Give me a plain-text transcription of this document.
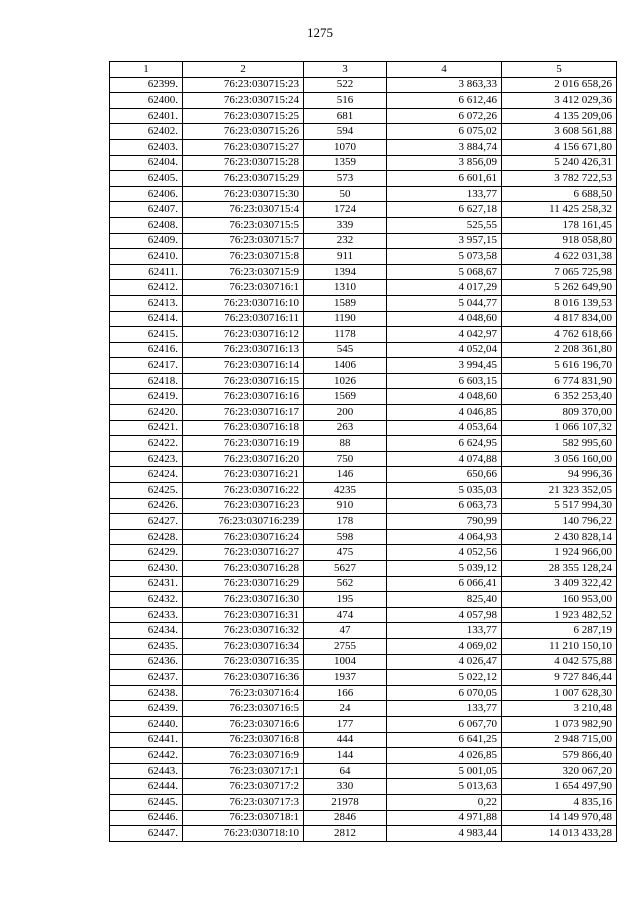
1275
1	2	3	4	5
62399.	76:23:030715:23	522	3 863,33	2 016 658,26
62400.	76:23:030715:24	516	6 612,46	3 412 029,36
62401.	76:23:030715:25	681	6 072,26	4 135 209,06
62402.	76:23:030715:26	594	6 075,02	3 608 561,88
62403.	76:23:030715:27	1070	3 884,74	4 156 671,80
62404.	76:23:030715:28	1359	3 856,09	5 240 426,31
62405.	76:23:030715:29	573	6 601,61	3 782 722,53
62406.	76:23:030715:30	50	133,77	6 688,50
62407.	76:23:030715:4	1724	6 627,18	11 425 258,32
62408.	76:23:030715:5	339	525,55	178 161,45
62409.	76:23:030715:7	232	3 957,15	918 058,80
62410.	76:23:030715:8	911	5 073,58	4 622 031,38
62411.	76:23:030715:9	1394	5 068,67	7 065 725,98
62412.	76:23:030716:1	1310	4 017,29	5 262 649,90
62413.	76:23:030716:10	1589	5 044,77	8 016 139,53
62414.	76:23:030716:11	1190	4 048,60	4 817 834,00
62415.	76:23:030716:12	1178	4 042,97	4 762 618,66
62416.	76:23:030716:13	545	4 052,04	2 208 361,80
62417.	76:23:030716:14	1406	3 994,45	5 616 196,70
62418.	76:23:030716:15	1026	6 603,15	6 774 831,90
62419.	76:23:030716:16	1569	4 048,60	6 352 253,40
62420.	76:23:030716:17	200	4 046,85	809 370,00
62421.	76:23:030716:18	263	4 053,64	1 066 107,32
62422.	76:23:030716:19	88	6 624,95	582 995,60
62423.	76:23:030716:20	750	4 074,88	3 056 160,00
62424.	76:23:030716:21	146	650,66	94 996,36
62425.	76:23:030716:22	4235	5 035,03	21 323 352,05
62426.	76:23:030716:23	910	6 063,73	5 517 994,30
62427.	76:23:030716:239	178	790,99	140 796,22
62428.	76:23:030716:24	598	4 064,93	2 430 828,14
62429.	76:23:030716:27	475	4 052,56	1 924 966,00
62430.	76:23:030716:28	5627	5 039,12	28 355 128,24
62431.	76:23:030716:29	562	6 066,41	3 409 322,42
62432.	76:23:030716:30	195	825,40	160 953,00
62433.	76:23:030716:31	474	4 057,98	1 923 482,52
62434.	76:23:030716:32	47	133,77	6 287,19
62435.	76:23:030716:34	2755	4 069,02	11 210 150,10
62436.	76:23:030716:35	1004	4 026,47	4 042 575,88
62437.	76:23:030716:36	1937	5 022,12	9 727 846,44
62438.	76:23:030716:4	166	6 070,05	1 007 628,30
62439.	76:23:030716:5	24	133,77	3 210,48
62440.	76:23:030716:6	177	6 067,70	1 073 982,90
62441.	76:23:030716:8	444	6 641,25	2 948 715,00
62442.	76:23:030716:9	144	4 026,85	579 866,40
62443.	76:23:030717:1	64	5 001,05	320 067,20
62444.	76:23:030717:2	330	5 013,63	1 654 497,90
62445.	76:23:030717:3	21978	0,22	4 835,16
62446.	76:23:030718:1	2846	4 971,88	14 149 970,48
62447.	76:23:030718:10	2812	4 983,44	14 013 433,28
